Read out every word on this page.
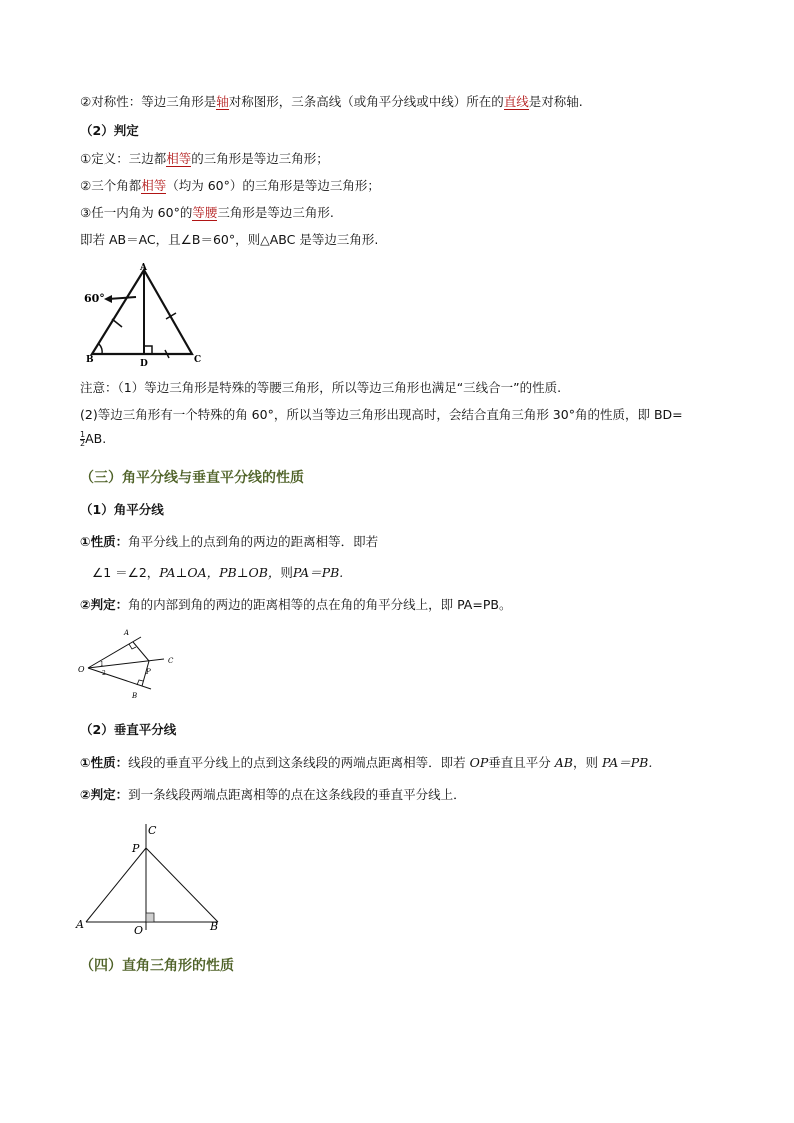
②对称性：等边三角形是轴对称图形，三条高线（或角平分线或中线）所在的直线是对称轴.
（2）判定
①定义：三边都相等的三角形是等边三角形；
②三个角都相等（均为 60°）的三角形是等边三角形；
③任一内角为 60°的等腰三角形是等边三角形.
即若 AB＝AC，且∠B＝60°，则△ABC 是等边三角形.
60°
A
B	C
D
注意：（1）等边三角形是特殊的等腰三角形，所以等边三角形也满足“三线合一”的性质.
(2)等边三角形有一个特殊的角 60°，所以当等边三角形出现高时，会结合直角三角形 30°角的性质，即 BD=
$\frac{1}{2}$ AB.
（三）角平分线与垂直平分线的性质
（1）角平分线
①性质：角平分线上的点到角的两边的距离相等．即若
∠1 ＝∠2，PA⊥OA，PB⊥OB，则PA＝PB.
②判定：角的内部到角的两边的距离相等的点在角的角平分线上，即 PA=PB。
O
A
P
C
B
1
2
（2）垂直平分线
①性质：线段的垂直平分线上的点到这条线段的两端点距离相等．即若 OP垂直且平分 AB，则 PA＝PB.
②判定：到一条线段两端点距离相等的点在这条线段的垂直平分线上．
A	B
C
P
O
（四）直角三角形的性质
